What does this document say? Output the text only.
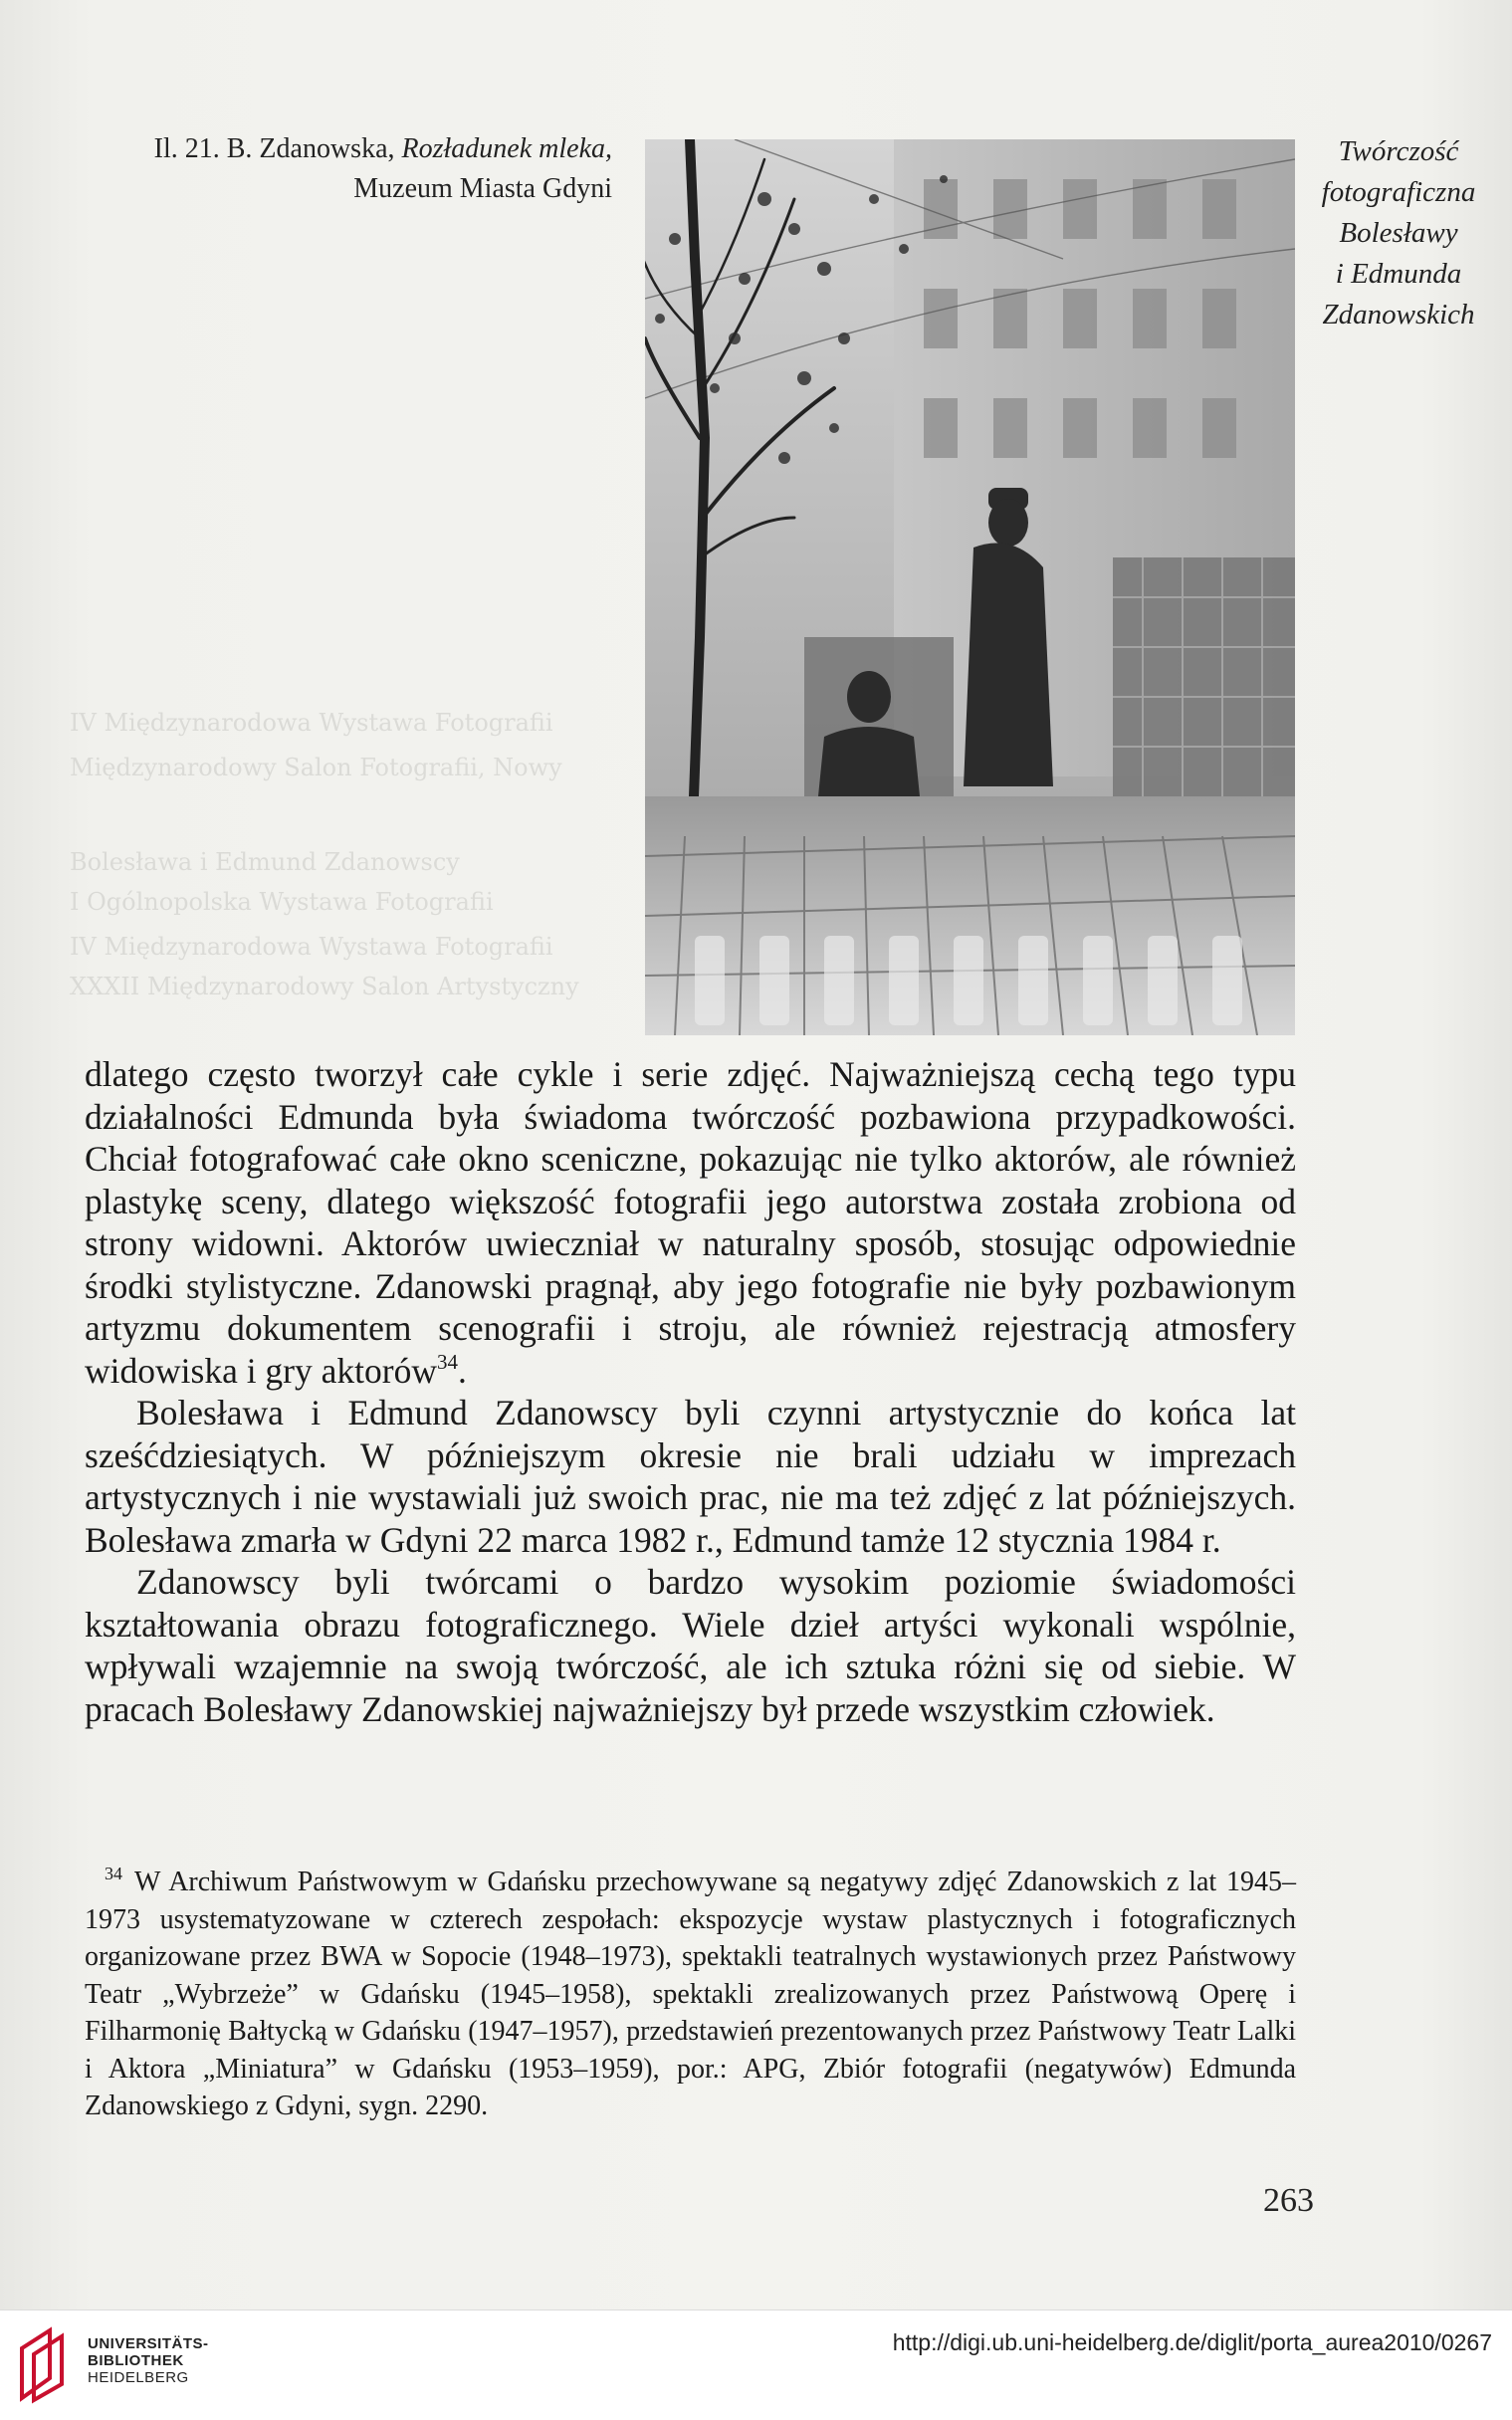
IV Międzynarodowa Wystawa Fotografii
Międzynarodowy Salon Fotografii, Nowy
Bolesława i Edmund Zdanowscy
I Ogólnopolska Wystawa Fotografii
IV Międzynarodowa Wystawa Fotografii
XXXII Międzynarodowy Salon Artystyczny
Il. 21. B. Zdanowska, Rozładunek mleka,
Muzeum Miasta Gdyni
Twórczość
fotograficzna
Bolesławy
i Edmunda
Zdanowskich

dlatego często tworzył całe cykle i serie zdjęć. Najważniejszą cechą tego typu działalności Edmunda była świadoma twórczość pozbawiona przypadkowości. Chciał fotografować całe okno sceniczne, pokazując nie tylko aktorów, ale również plastykę sceny, dlatego większość fotografii jego autorstwa została zrobiona od strony widowni. Aktorów uwieczniał w naturalny sposób, stosując odpowiednie środki stylistyczne. Zdanowski pragnął, aby jego fotografie nie były pozbawionym artyzmu dokumentem scenografii i stroju, ale również rejestracją atmosfery widowiska i gry aktorów$^{34}$.

Bolesława i Edmund Zdanowscy byli czynni artystycznie do końca lat sześćdziesiątych. W późniejszym okresie nie brali udziału w imprezach artystycznych i nie wystawiali już swoich prac, nie ma też zdjęć z lat późniejszych. Bolesława zmarła w Gdyni 22 marca 1982 r., Edmund tamże 12 stycznia 1984 r.

Zdanowscy byli twórcami o bardzo wysokim poziomie świadomości kształtowania obrazu fotograficznego. Wiele dzieł artyści wykonali wspólnie, wpływali wzajemnie na swoją twórczość, ale ich sztuka różni się od siebie. W pracach Bolesławy Zdanowskiej najważniejszy był przede wszystkim człowiek.

$^{34}$ W Archiwum Państwowym w Gdańsku przechowywane są negatywy zdjęć Zdanowskich z lat 1945–1973 usystematyzowane w czterech zespołach: ekspozycje wystaw plastycznych i fotograficznych organizowane przez BWA w Sopocie (1948–1973), spektakli teatralnych wystawionych przez Państwowy Teatr „Wybrzeże” w Gdańsku (1945–1958), spektakli zrealizowanych przez Państwową Operę i Filharmonię Bałtycką w Gdańsku (1947–1957), przedstawień prezentowanych przez Państwowy Teatr Lalki i Aktora „Miniatura” w Gdańsku (1953–1959), por.: APG, Zbiór fotografii (negatywów) Edmunda Zdanowskiego z Gdyni, sygn. 2290.
263
UNIVERSITÄTS-
BIBLIOTHEK
HEIDELBERG
http://digi.ub.uni-heidelberg.de/diglit/porta_aurea2010/0267
